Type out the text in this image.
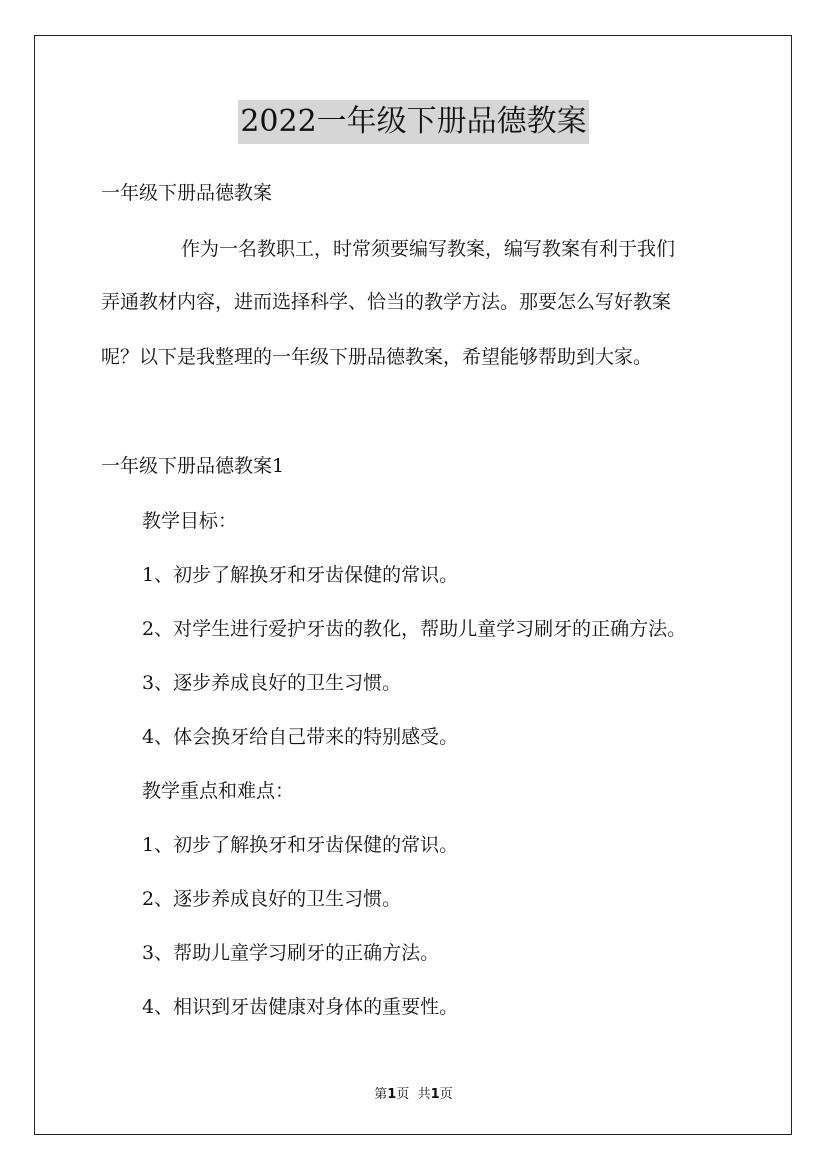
2022一年级下册品德教案
一年级下册品德教案
作为一名教职工，时常须要编写教案，编写教案有利于我们
弄通教材内容，进而选择科学、恰当的教学方法。那要怎么写好教案
呢？以下是我整理的一年级下册品德教案，希望能够帮助到大家。
一年级下册品德教案1
教学目标：
1、初步了解换牙和牙齿保健的常识。
2、对学生进行爱护牙齿的教化，帮助儿童学习刷牙的正确方法。
3、逐步养成良好的卫生习惯。
4、体会换牙给自己带来的特别感受。
教学重点和难点：
1、初步了解换牙和牙齿保健的常识。
2、逐步养成良好的卫生习惯。
3、帮助儿童学习刷牙的正确方法。
4、相识到牙齿健康对身体的重要性。
第1页 共1页
